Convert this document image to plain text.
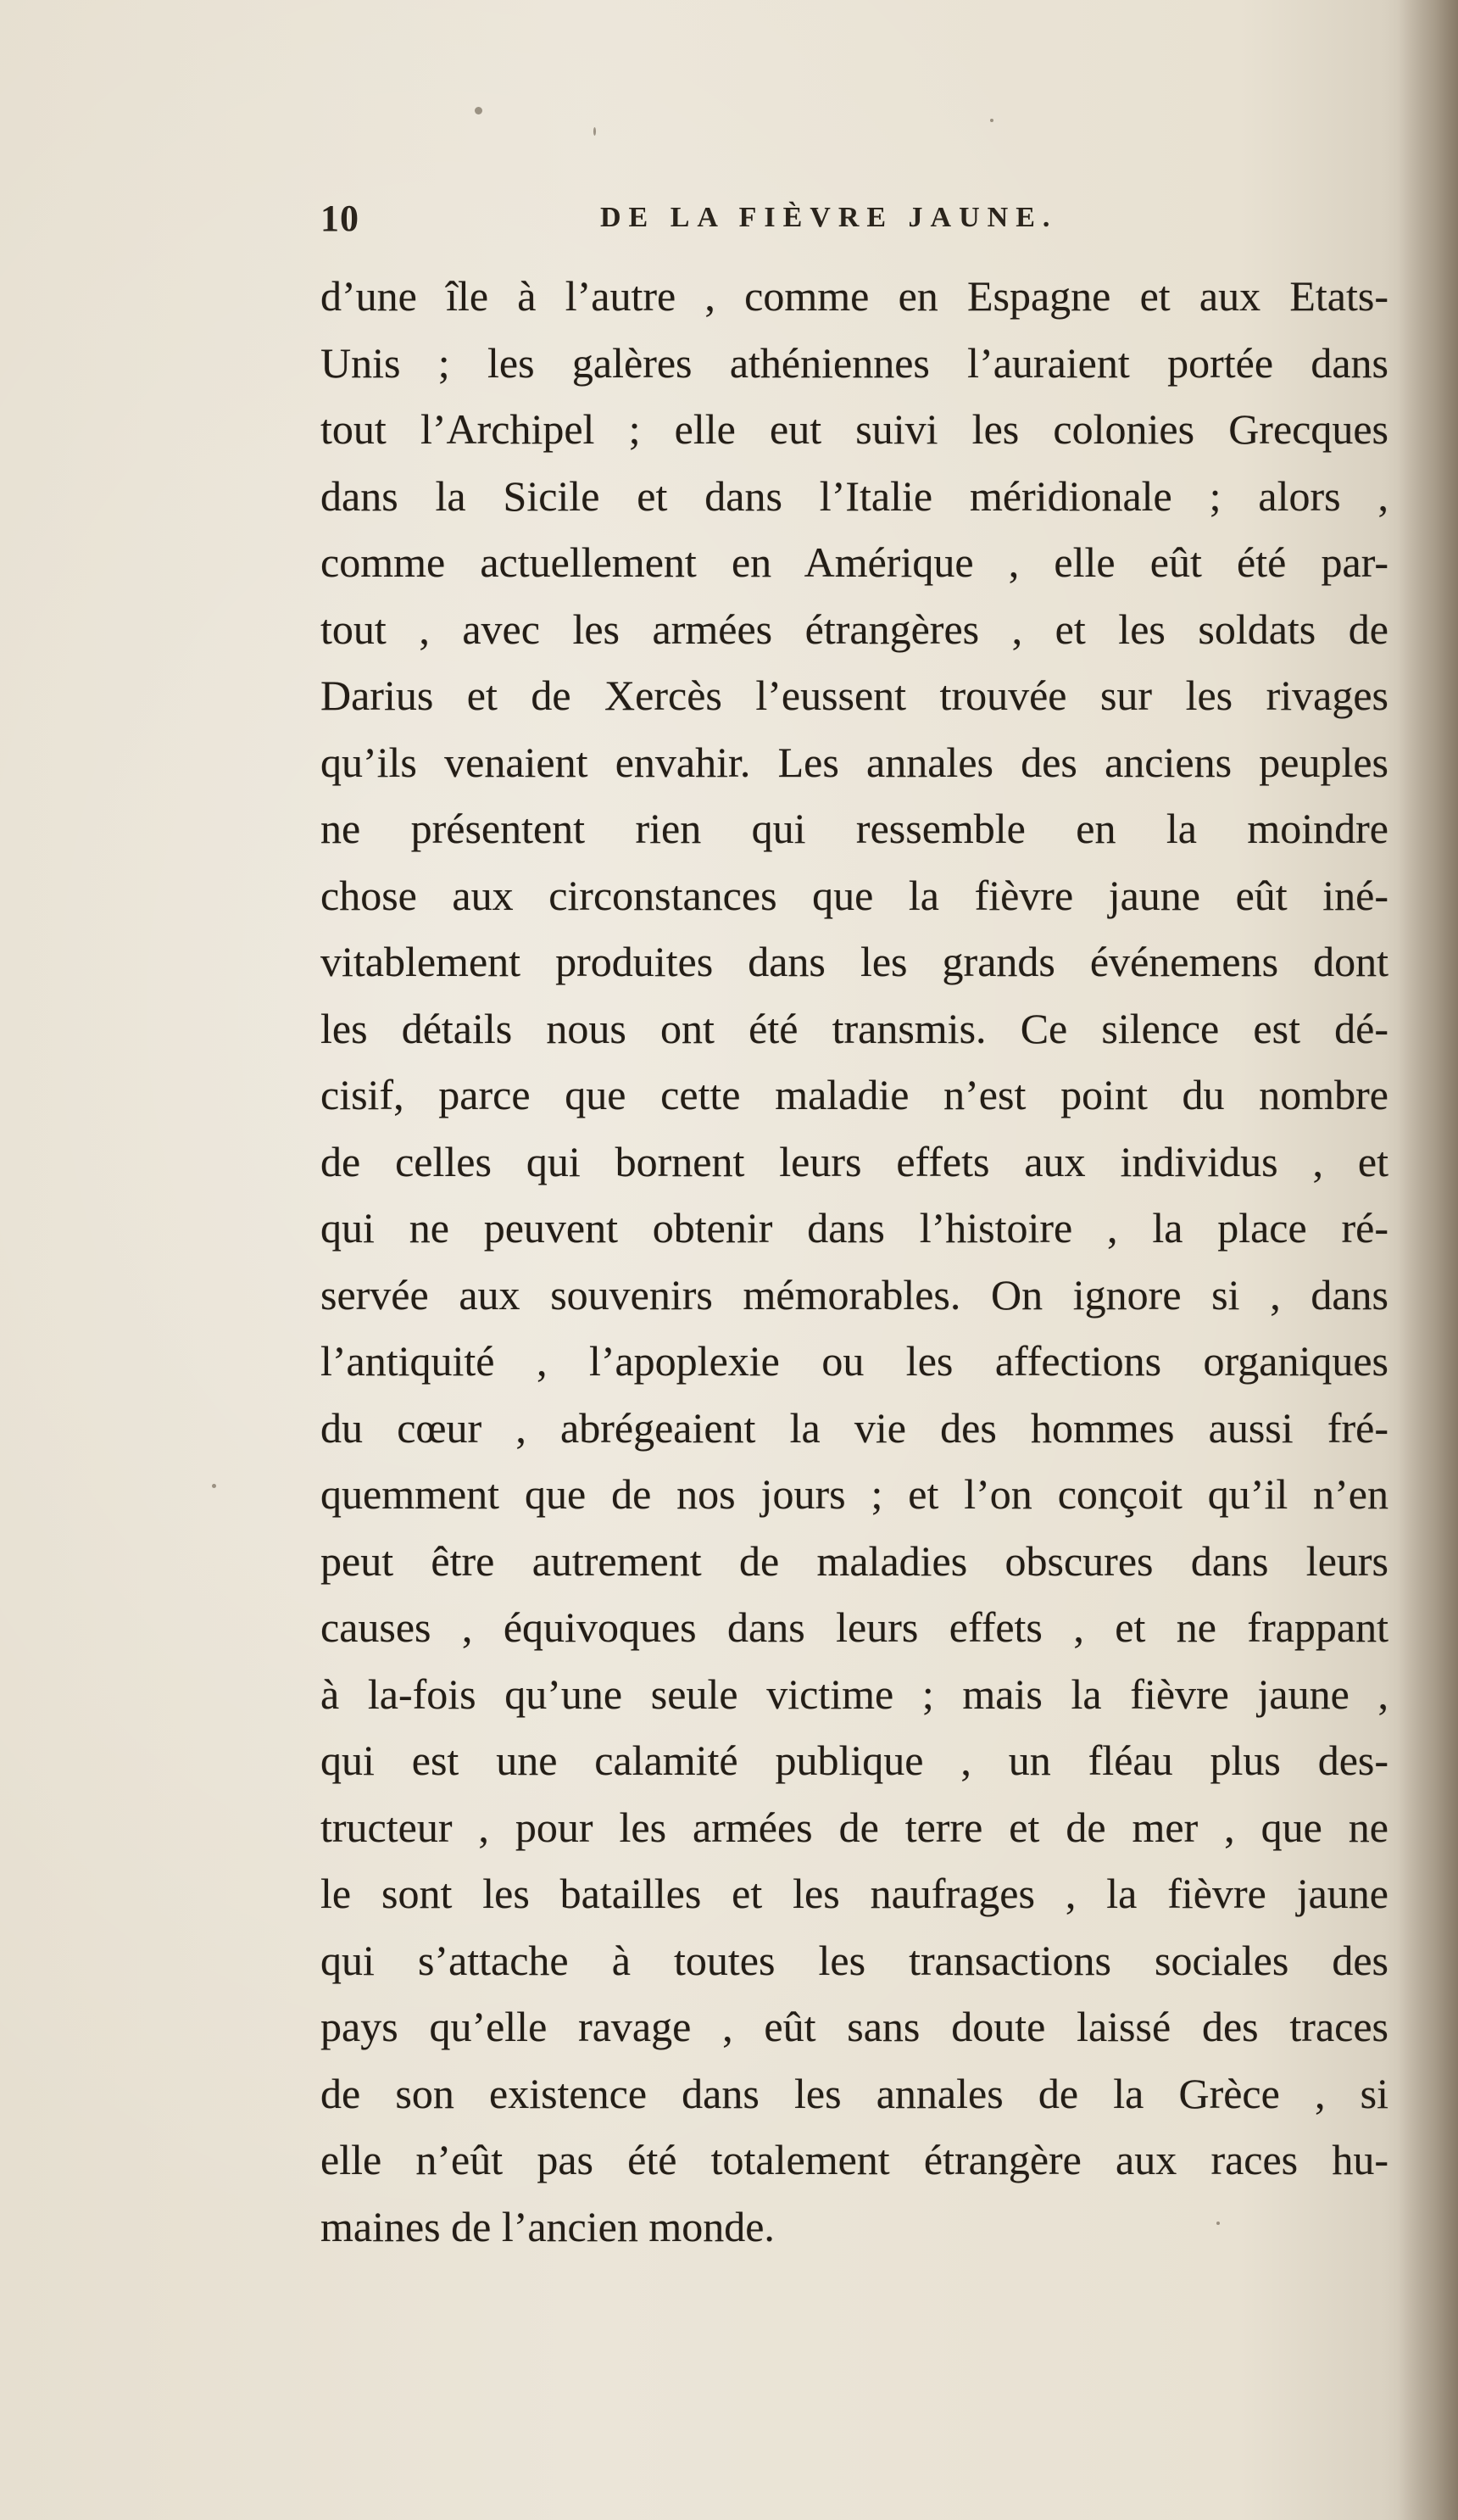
10	DE LA FIÈVRE JAUNE.
d’une île à l’autre , comme en Espagne et aux Etats-
Unis ; les galères athéniennes l’auraient portée dans
tout l’Archipel ; elle eut suivi les colonies Grecques
dans la Sicile et dans l’Italie méridionale ; alors ,
comme actuellement en Amérique , elle eût été par-
tout , avec les armées étrangères , et les soldats de
Darius et de Xercès l’eussent trouvée sur les rivages
qu’ils venaient envahir. Les annales des anciens peuples
ne présentent rien qui ressemble en la moindre
chose aux circonstances que la fièvre jaune eût iné-
vitablement produites dans les grands événemens dont
les détails nous ont été transmis. Ce silence est dé-
cisif, parce que cette maladie n’est point du nombre
de celles qui bornent leurs effets aux individus , et
qui ne peuvent obtenir dans l’histoire , la place ré-
servée aux souvenirs mémorables. On ignore si , dans
l’antiquité , l’apoplexie ou les affections organiques
du cœur , abrégeaient la vie des hommes aussi fré-
quemment que de nos jours ; et l’on conçoit qu’il n’en
peut être autrement de maladies obscures dans leurs
causes , équivoques dans leurs effets , et ne frappant
à la-fois qu’une seule victime ; mais la fièvre jaune ,
qui est une calamité publique , un fléau plus des-
tructeur , pour les armées de terre et de mer , que ne
le sont les batailles et les naufrages , la fièvre jaune
qui s’attache à toutes les transactions sociales des
pays qu’elle ravage , eût sans doute laissé des traces
de son existence dans les annales de la Grèce , si
elle n’eût pas été totalement étrangère aux races hu-
maines de l’ancien monde.
